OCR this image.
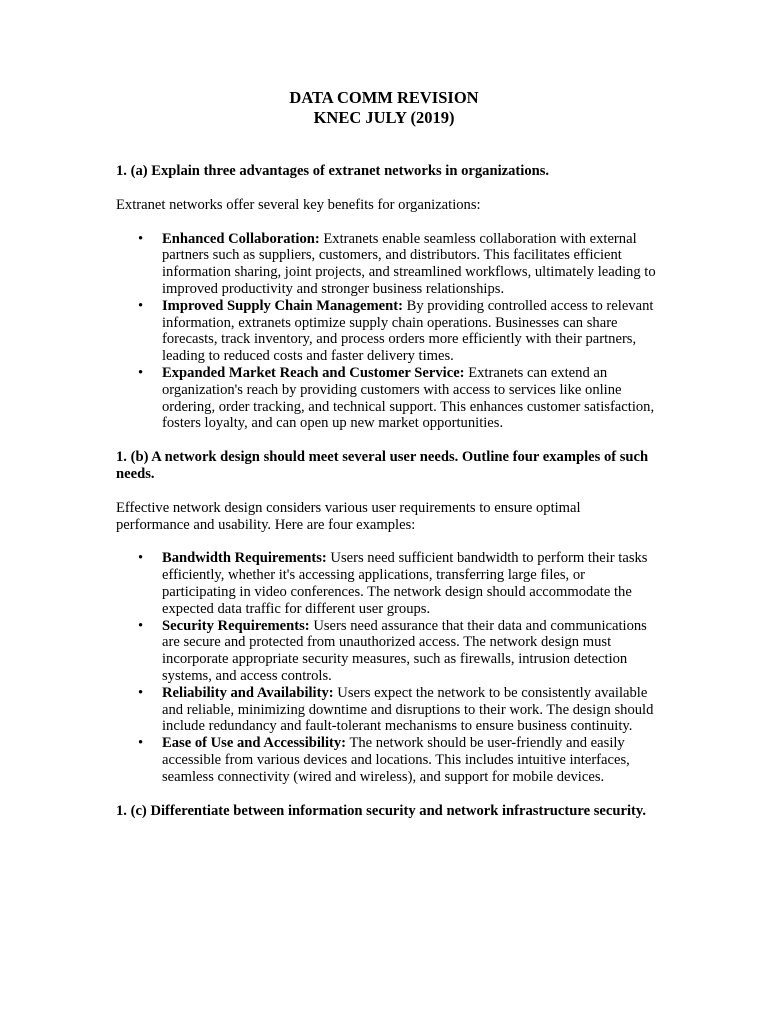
DATA COMM REVISION
KNEC JULY (2019)

1. (a) Explain three advantages of extranet networks in organizations.

Extranet networks offer several key benefits for organizations:

• Enhanced Collaboration: Extranets enable seamless collaboration with external partners such as suppliers, customers, and distributors. This facilitates efficient information sharing, joint projects, and streamlined workflows, ultimately leading to improved productivity and stronger business relationships.
• Improved Supply Chain Management: By providing controlled access to relevant information, extranets optimize supply chain operations. Businesses can share forecasts, track inventory, and process orders more efficiently with their partners, leading to reduced costs and faster delivery times.
• Expanded Market Reach and Customer Service: Extranets can extend an organization's reach by providing customers with access to services like online ordering, order tracking, and technical support. This enhances customer satisfaction, fosters loyalty, and can open up new market opportunities.

1. (b) A network design should meet several user needs. Outline four examples of such needs.

Effective network design considers various user requirements to ensure optimal performance and usability. Here are four examples:

• Bandwidth Requirements: Users need sufficient bandwidth to perform their tasks efficiently, whether it's accessing applications, transferring large files, or participating in video conferences. The network design should accommodate the expected data traffic for different user groups.
• Security Requirements: Users need assurance that their data and communications are secure and protected from unauthorized access. The network design must incorporate appropriate security measures, such as firewalls, intrusion detection systems, and access controls.
• Reliability and Availability: Users expect the network to be consistently available and reliable, minimizing downtime and disruptions to their work. The design should include redundancy and fault-tolerant mechanisms to ensure business continuity.
• Ease of Use and Accessibility: The network should be user-friendly and easily accessible from various devices and locations. This includes intuitive interfaces, seamless connectivity (wired and wireless), and support for mobile devices.

1. (c) Differentiate between information security and network infrastructure security.
